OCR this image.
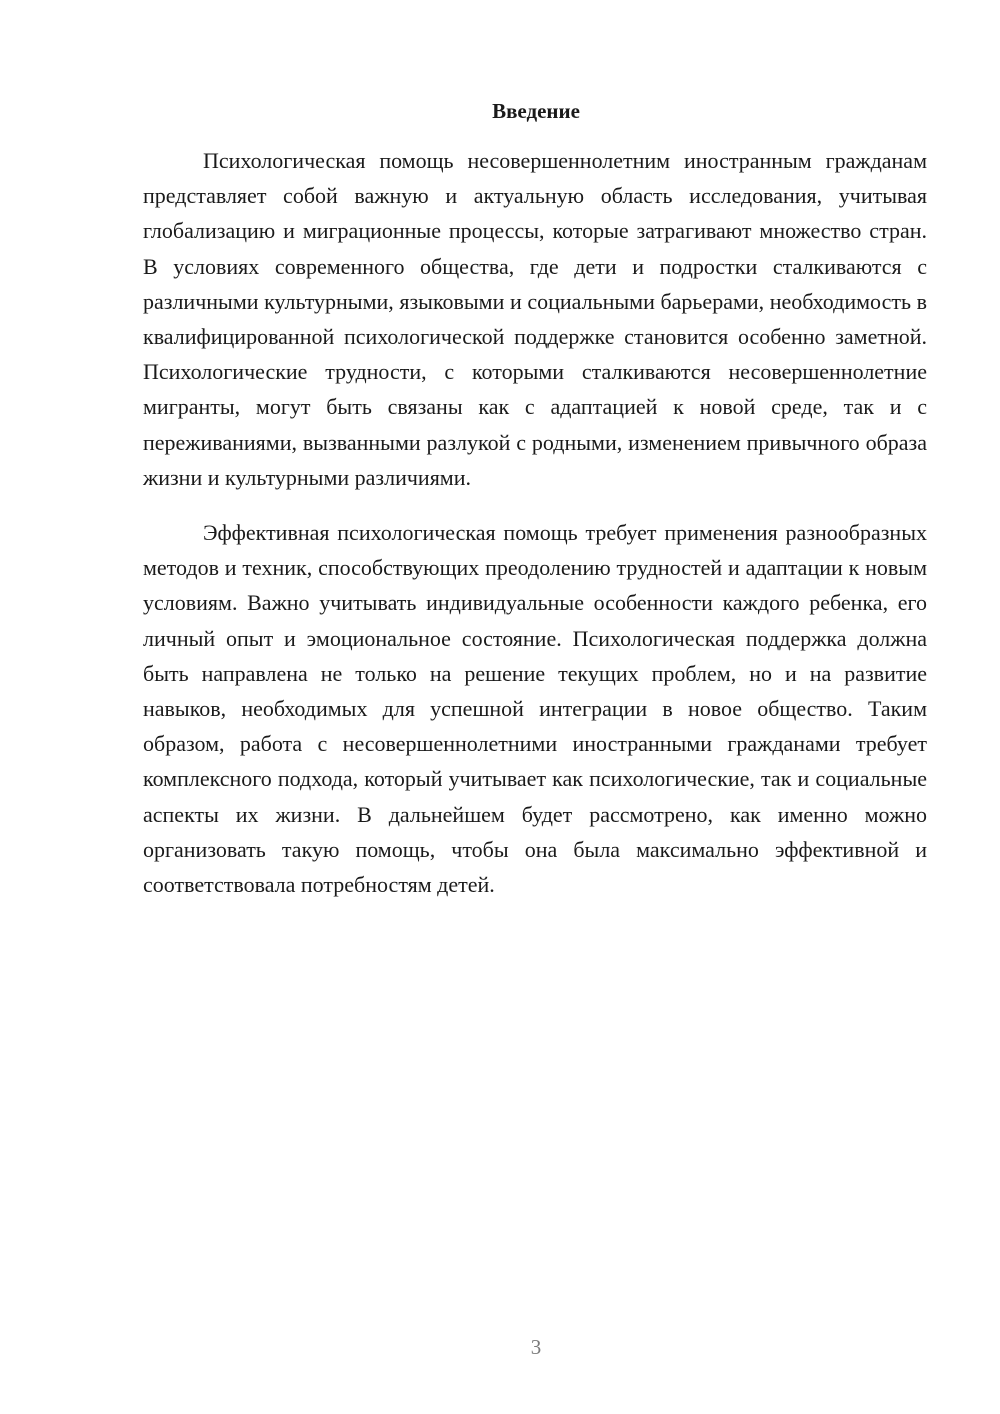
Введение

Психологическая помощь несовершеннолетним иностранным гражданам представляет собой важную и актуальную область исследования, учитывая глобализацию и миграционные процессы, которые затрагивают множество стран. В условиях современного общества, где дети и подростки сталкиваются с различными культурными, языковыми и социальными барьерами, необходимость в квалифицированной психологической поддержке становится особенно заметной. Психологические трудности, с которыми сталкиваются несовершеннолетние мигранты, могут быть связаны как с адаптацией к новой среде, так и с переживаниями, вызванными разлукой с родными, изменением привычного образа жизни и культурными различиями.

Эффективная психологическая помощь требует применения разнообразных методов и техник, способствующих преодолению трудностей и адаптации к новым условиям. Важно учитывать индивидуальные особенности каждого ребенка, его личный опыт и эмоциональное состояние. Психологическая поддержка должна быть направлена не только на решение текущих проблем, но и на развитие навыков, необходимых для успешной интеграции в новое общество. Таким образом, работа с несовершеннолетними иностранными гражданами требует комплексного подхода, который учитывает как психологические, так и социальные аспекты их жизни. В дальнейшем будет рассмотрено, как именно можно организовать такую помощь, чтобы она была максимально эффективной и соответствовала потребностям детей.

3
